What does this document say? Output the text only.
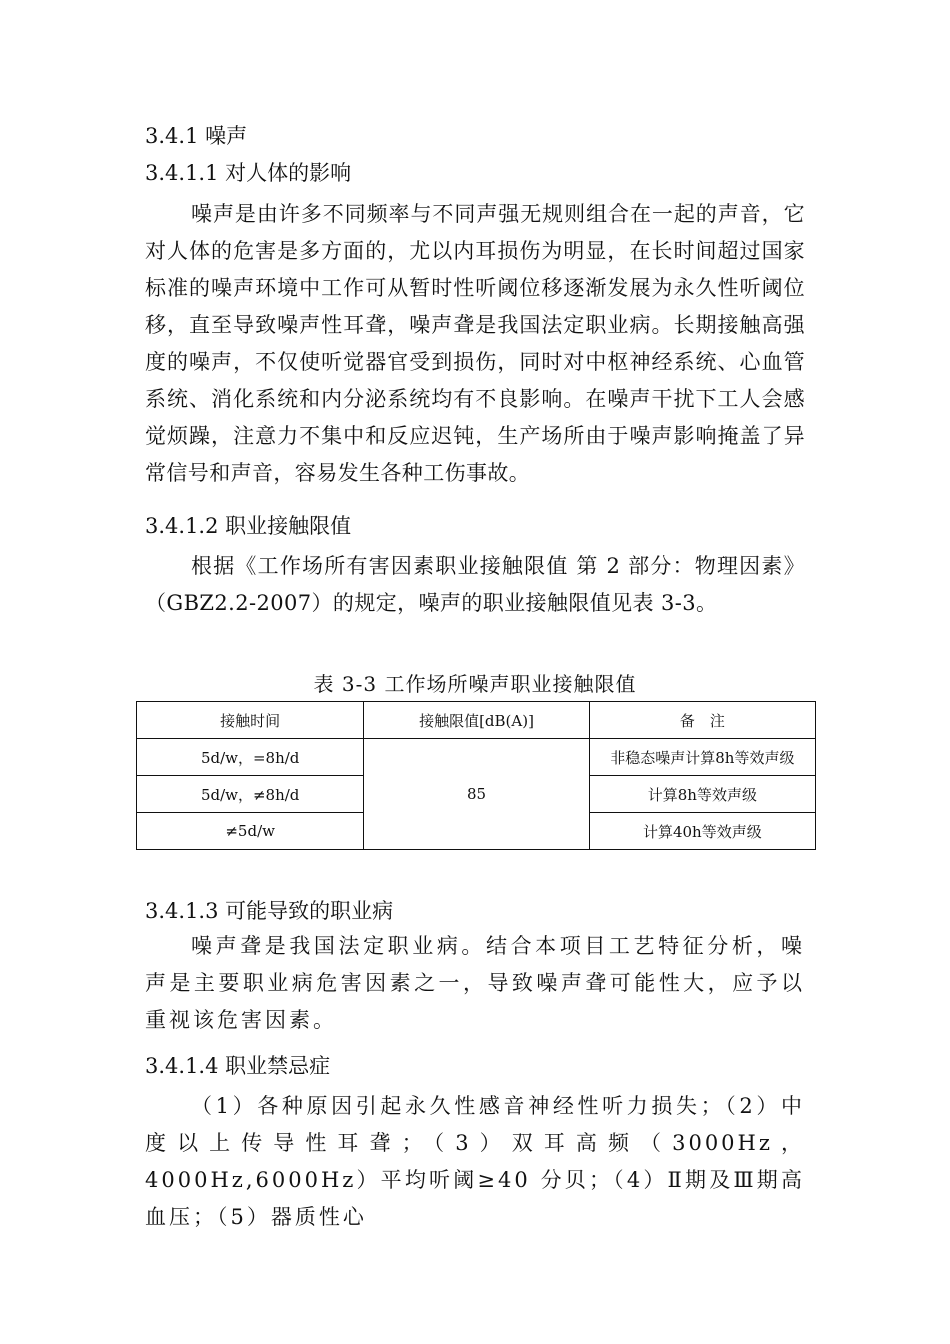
3.4.1 噪声
3.4.1.1 对人体的影响

噪声是由许多不同频率与不同声强无规则组合在一起的声音，它对人体的危害是多方面的，尤以内耳损伤为明显，在长时间超过国家标准的噪声环境中工作可从暂时性听阈位移逐渐发展为永久性听阈位移，直至导致噪声性耳聋，噪声聋是我国法定职业病。长期接触高强度的噪声，不仅使听觉器官受到损伤，同时对中枢神经系统、心血管系统、消化系统和内分泌系统均有不良影响。在噪声干扰下工人会感觉烦躁，注意力不集中和反应迟钝，生产场所由于噪声影响掩盖了异常信号和声音，容易发生各种工伤事故。

3.4.1.2 职业接触限值

根据《工作场所有害因素职业接触限值 第 2 部分：物理因素》（GBZ2.2-2007）的规定，噪声的职业接触限值见表 3-3。

表 3-3 工作场所噪声职业接触限值
接触时间	接触限值[dB(A)]	备　注
5d/w，=8h/d	85	非稳态噪声计算8h等效声级
5d/w，≠8h/d		计算8h等效声级
≠5d/w		计算40h等效声级
3.4.1.3 可能导致的职业病

噪声聋是我国法定职业病。结合本项目工艺特征分析，噪声是主要职业病危害因素之一，导致噪声聋可能性大，应予以重视该危害因素。

3.4.1.4 职业禁忌症

（1）各种原因引起永久性感音神经性听力损失；（2）中度以上传导性耳聋；（3）双耳高频（3000Hz，4000Hz,6000Hz）平均听阈≥40 分贝；（4）Ⅱ期及Ⅲ期高血压；（5）器质性心
